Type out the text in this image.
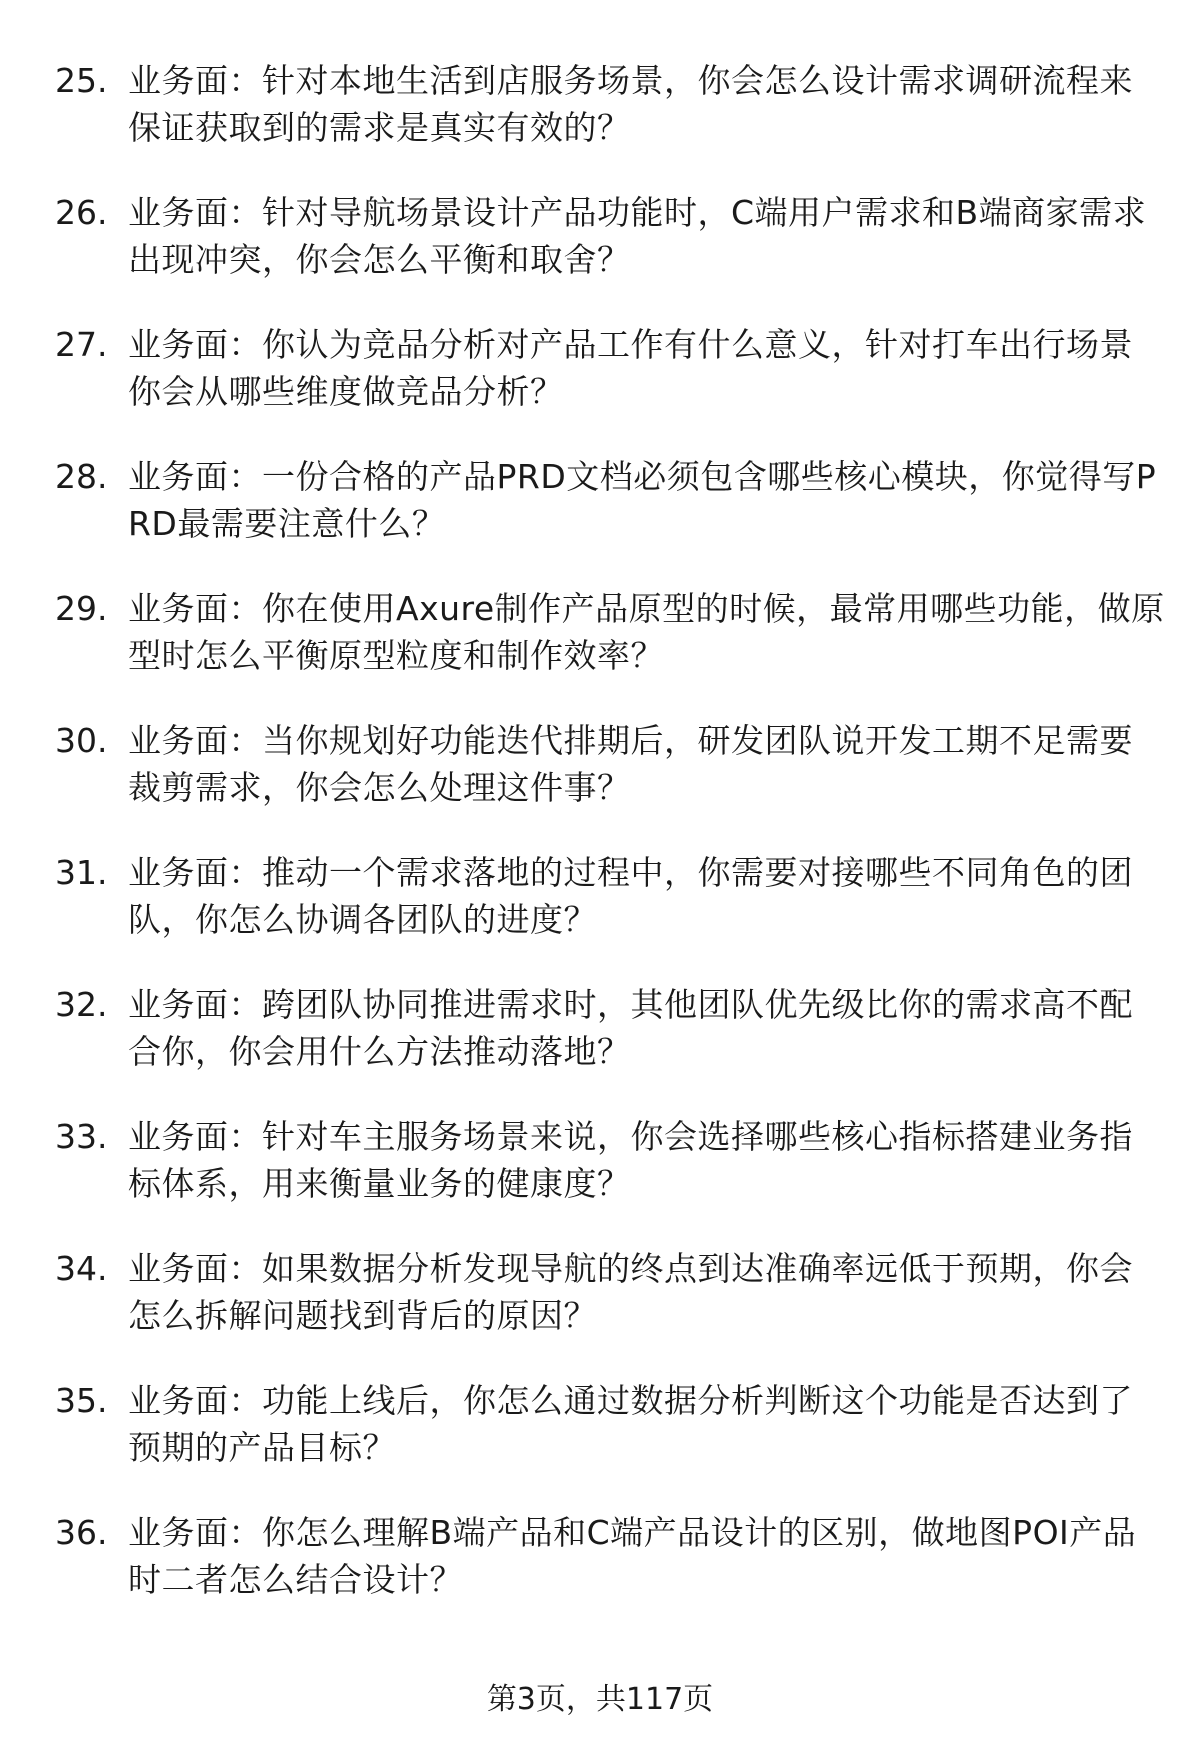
25. 业务面：针对本地生活到店服务场景，你会怎么设计需求调研流程来保证获取到的需求是真实有效的？
26. 业务面：针对导航场景设计产品功能时，C端用户需求和B端商家需求出现冲突，你会怎么平衡和取舍？
27. 业务面：你认为竞品分析对产品工作有什么意义，针对打车出行场景你会从哪些维度做竞品分析？
28. 业务面：一份合格的产品PRD文档必须包含哪些核心模块，你觉得写PRD最需要注意什么？
29. 业务面：你在使用Axure制作产品原型的时候，最常用哪些功能，做原型时怎么平衡原型粒度和制作效率？
30. 业务面：当你规划好功能迭代排期后，研发团队说开发工期不足需要裁剪需求，你会怎么处理这件事？
31. 业务面：推动一个需求落地的过程中，你需要对接哪些不同角色的团队，你怎么协调各团队的进度？
32. 业务面：跨团队协同推进需求时，其他团队优先级比你的需求高不配合你，你会用什么方法推动落地？
33. 业务面：针对车主服务场景来说，你会选择哪些核心指标搭建业务指标体系，用来衡量业务的健康度？
34. 业务面：如果数据分析发现导航的终点到达准确率远低于预期，你会怎么拆解问题找到背后的原因？
35. 业务面：功能上线后，你怎么通过数据分析判断这个功能是否达到了预期的产品目标？
36. 业务面：你怎么理解B端产品和C端产品设计的区别，做地图POI产品时二者怎么结合设计？
第3页，共117页
